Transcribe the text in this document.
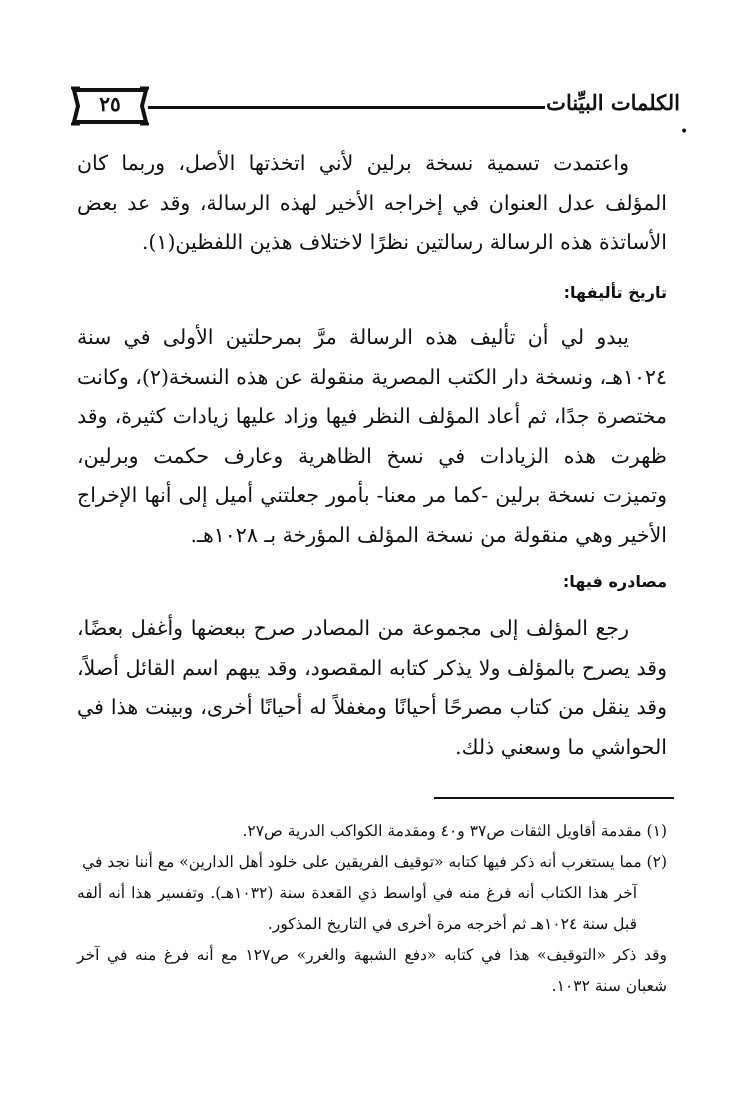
الكلمات البيِّنات
٢٥
•

واعتمدت تسمية نسخة برلين لأني اتخذتها الأصل، وربما كان المؤلف عدل العنوان في إخراجه الأخير لهذه الرسالة، وقد عد بعض الأساتذة هذه الرسالة رسالتين نظرًا لاختلاف هذين اللفظين(١).

تاريخ تأليفها:

يبدو لي أن تأليف هذه الرسالة مرَّ بمرحلتين الأولى في سنة ١٠٢٤هـ، ونسخة دار الكتب المصرية منقولة عن هذه النسخة(٢)، وكانت مختصرة جدًا، ثم أعاد المؤلف النظر فيها وزاد عليها زيادات كثيرة، وقد ظهرت هذه الزيادات في نسخ الظاهرية وعارف حكمت وبرلين، وتميزت نسخة برلين -كما مر معنا- بأمور جعلتني أميل إلى أنها الإخراج الأخير وهي منقولة من نسخة المؤلف المؤرخة بـ ١٠٢٨هـ.

مصادره فيها:

رجع المؤلف إلى مجموعة من المصادر صرح ببعضها وأغفل بعضًا، وقد يصرح بالمؤلف ولا يذكر كتابه المقصود، وقد يبهم اسم القائل أصلاً، وقد ينقل من كتاب مصرحًا أحيانًا ومغفلاً له أحيانًا أخرى، وبينت هذا في الحواشي ما وسعني ذلك.

(١) مقدمة أقاويل الثقات ص٣٧ و٤٠ ومقدمة الكواكب الدرية ص٢٧.

(٢) مما يستغرب أنه ذكر فيها كتابه «توقيف الفريقين على خلود أهل الدارين» مع أننا نجد في

آخر هذا الكتاب أنه فرغ منه في أواسط ذي القعدة سنة (١٠٣٢هـ). وتفسير هذا أنه ألفه قبل سنة ١٠٢٤هـ ثم أخرجه مرة أخرى في التاريخ المذكور.

وقد ذكر «التوقيف» هذا في كتابه «دفع الشبهة والغرر» ص١٢٧ مع أنه فرغ منه في آخر شعبان سنة ١٠٣٢.
